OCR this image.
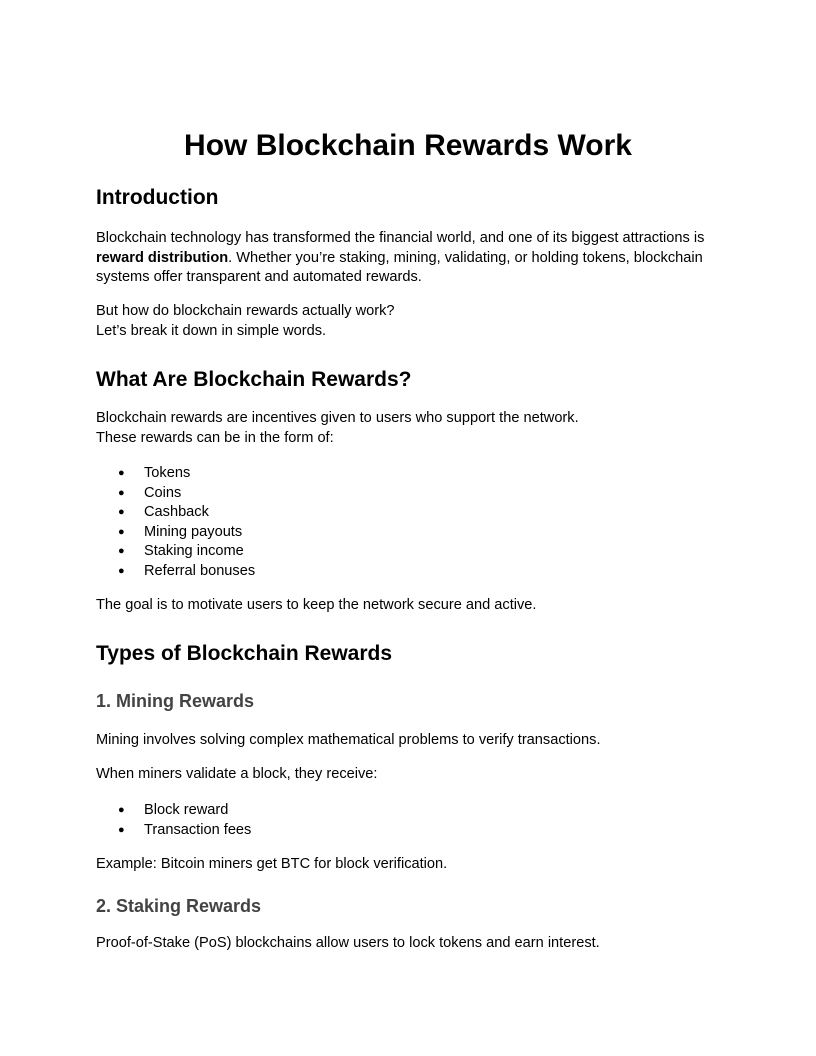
How Blockchain Rewards Work
Introduction

Blockchain technology has transformed the financial world, and one of its biggest attractions is
reward distribution. Whether you’re staking, mining, validating, or holding tokens, blockchain
systems offer transparent and automated rewards.

But how do blockchain rewards actually work?
Let’s break it down in simple words.

What Are Blockchain Rewards?

Blockchain rewards are incentives given to users who support the network.
These rewards can be in the form of:

● Tokens
● Coins
● Cashback
● Mining payouts
● Staking income
● Referral bonuses

The goal is to motivate users to keep the network secure and active.

Types of Blockchain Rewards
1. Mining Rewards

Mining involves solving complex mathematical problems to verify transactions.

When miners validate a block, they receive:

● Block reward
● Transaction fees

Example: Bitcoin miners get BTC for block verification.

2. Staking Rewards

Proof-of-Stake (PoS) blockchains allow users to lock tokens and earn interest.
